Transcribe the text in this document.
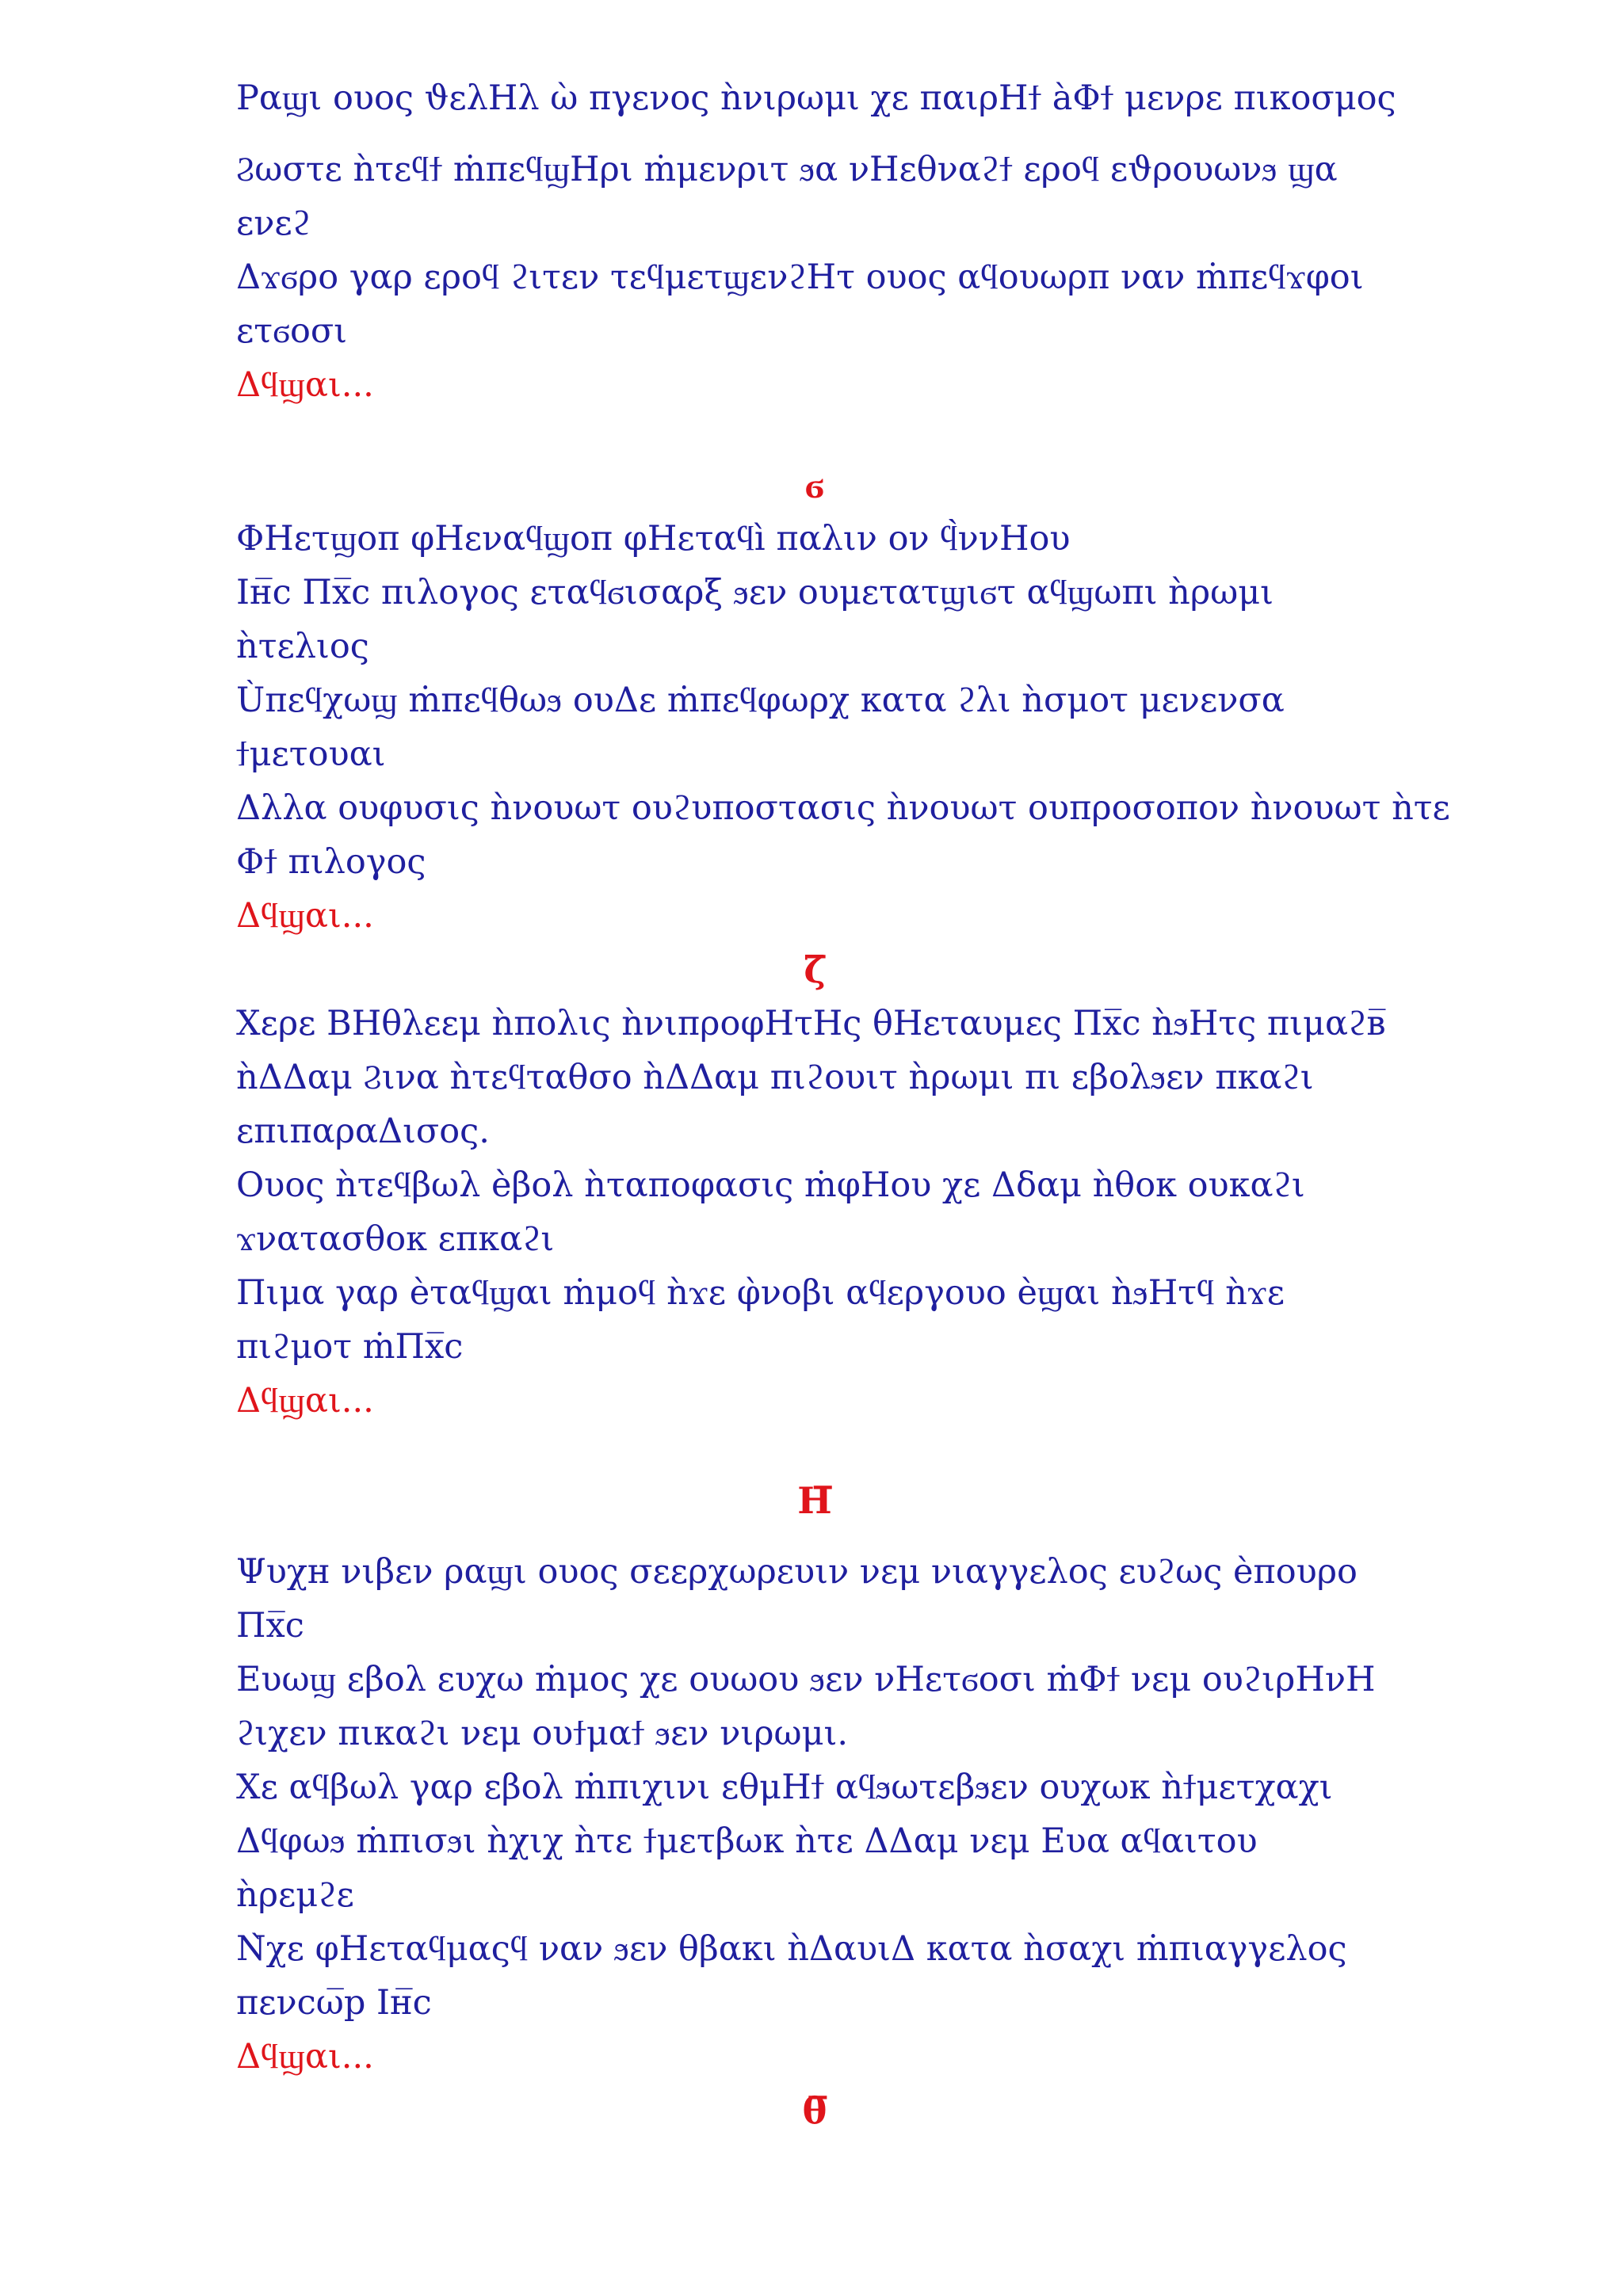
Ραϣι ουος ϑελΗλ ὼ πγενος ǹνιρωμι χε παιρΗϯ àΦϯ μενρε πικοσμος

Ϩωστε ǹτεϥϯ ṁπεϥϣΗρι ṁμενριτ ϧα νΗεθναϩϯ εροϥ εϑρουωνϧ ϣα

ενεϩ

Δϫϭρο γαρ εροϥ ϩιτεν τεϥμετϣενϩΗτ ουος αϥουωρπ ναν ṁπεϥϫφοι

ετϭοσι

Δϥϣαι...

ϭ

ΦΗετϣοπ φΗεναϥϣοπ φΗεταϥì παλιν ον ϥ̀ννΗου

Ιн̅с Πх̅с πιλογος εταϥϭισαρξ ϧεν ουμετατϣιϭτ αϥϣωπι ǹρωμι

ǹτελιος

Ùπεϥχωϣ ṁπεϥθωϧ ουΔε ṁπεϥφωρχ κατα ϩλι ǹσμοτ μενενσα

ϯμετουαι

Δλλα ουφυσις ǹνουωτ ουϩυποστασις ǹνουωτ ουπροσοπον ǹνουωτ ǹτε

Φϯ πιλογος

Δϥϣαι...

ζ̅

Χερε ΒΗθλεεμ ǹπολις ǹνιπροφΗτΗς θΗεταυμες Πх̅с ǹϧΗτς πιμαϩв̅

ǹΔΔαμ Ϩινα ǹτεϥταθσο ǹΔΔαμ πιϩουιτ ǹρωμι πι εβολϧεν πκαϩι

επιπαραΔισος.

Ουος ǹτεϥβωλ ѐβολ ǹταποφασις ṁφΗου χε Δδαμ ǹθοκ ουκαϩι

ϫνατασθοκ επκαϩι

Πιμα γαρ ѐταϥϣαι ṁμοϥ ǹϫε φ̀νοβι αϥεργουο ѐϣαι ǹϧΗτϥ ǹϫε

πιϩμοτ ṁΠх̅с

Δϥϣαι...

Η̅

Ψυχн νιβεν ραϣι ουος σεερχωρευιν νεμ νιαγγελος ευϩως ѐπουρο

Πх̅с

Ευωϣ εβολ ευχω ṁμος χε ουωου ϧεν νΗετϭοσι ṁΦϯ νεμ ουϩιρΗνΗ

ϩιχεν πικαϩι νεμ ουϯμαϯ ϧεν νιρωμι.

Χε αϥβωλ γαρ εβολ ṁπιχινι εθμΗϯ αϥϧωτεβϧεν ουχωκ ǹϯμετχαχι

Δϥφωϧ ṁπισϧι ǹχιχ ǹτε ϯμετβωκ ǹτε ΔΔαμ νεμ Ευα αϥαιτου

ǹρεμϩε

Ν̀χε φΗεταϥμαςϥ ναν ϧεν θβακι ǹΔαυιΔ κατα ǹσαχι ṁπιαγγελος

πενсω̅р Ιн̅с

Δϥϣαι...

θ̅
